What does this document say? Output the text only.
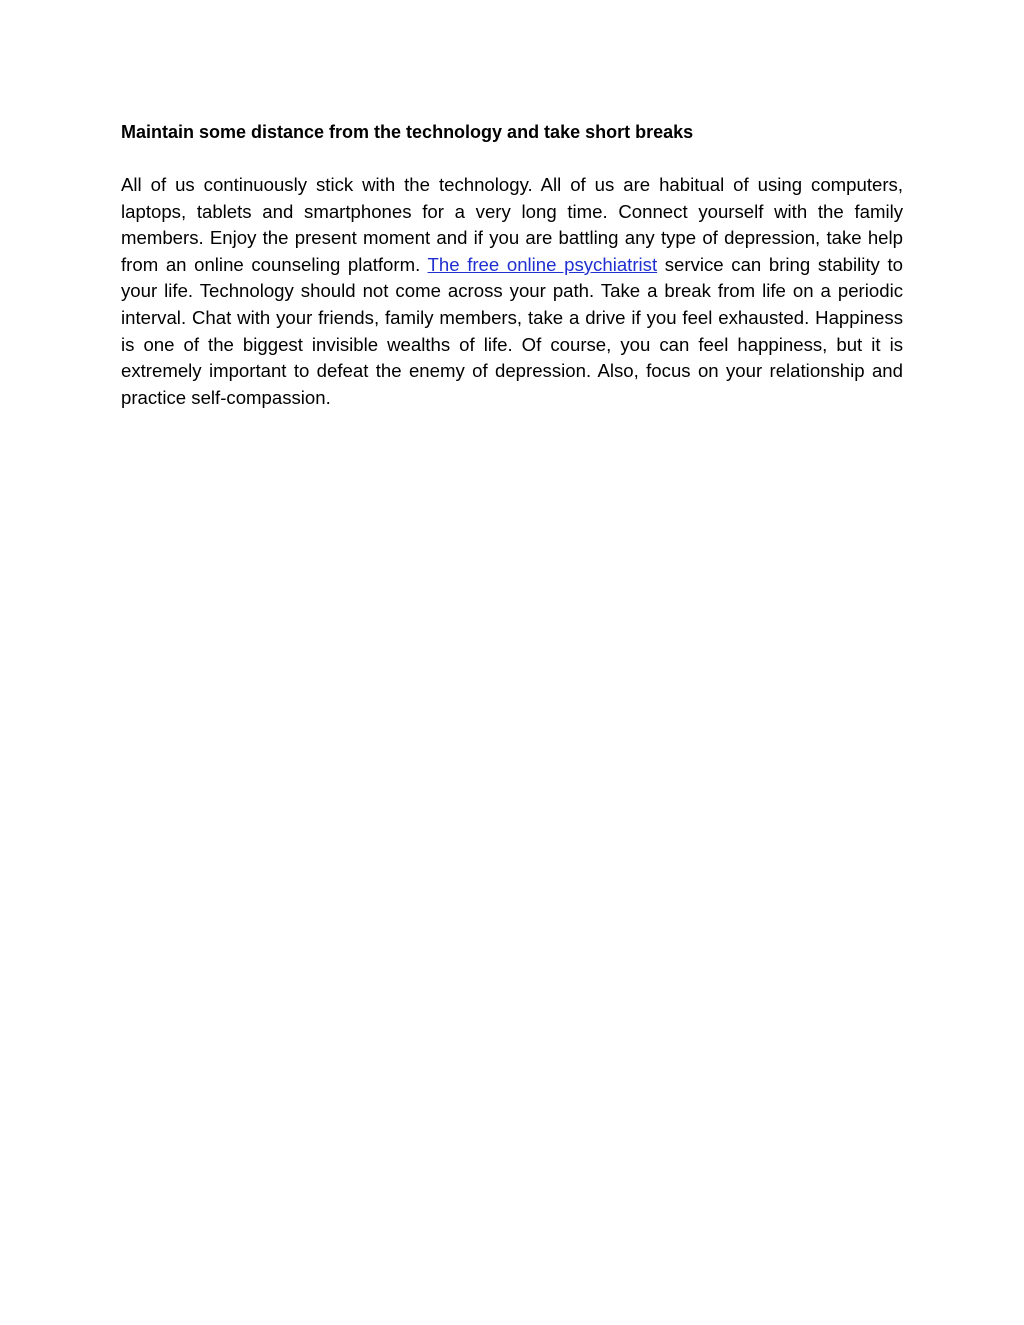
Maintain some distance from the technology and take short breaks

All of us continuously stick with the technology. All of us are habitual of using computers, laptops, tablets and smartphones for a very long time. Connect yourself with the family members. Enjoy the present moment and if you are battling any type of depression, take help from an online counseling platform. The free online psychiatrist service can bring stability to your life. Technology should not come across your path. Take a break from life on a periodic interval. Chat with your friends, family members, take a drive if you feel exhausted. Happiness is one of the biggest invisible wealths of life. Of course, you can feel happiness, but it is extremely important to defeat the enemy of depression. Also, focus on your relationship and practice self-compassion.
